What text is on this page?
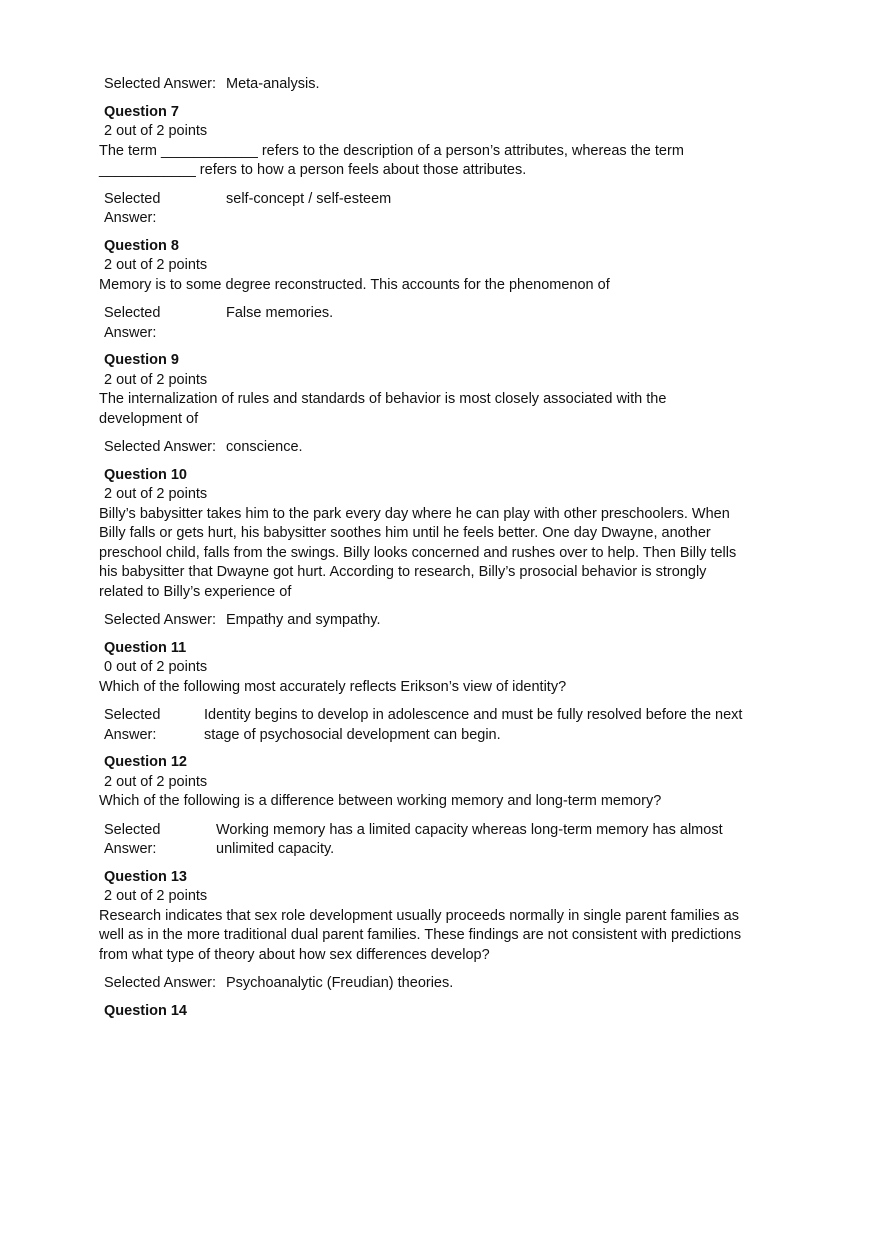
Selected Answer: Meta-analysis.
Question 7
2 out of 2 points
The term ____________ refers to the description of a person’s attributes, whereas the term ____________ refers to how a person feels about those attributes.
Selected
Answer:
self-concept / self-esteem
Question 8
2 out of 2 points
Memory is to some degree reconstructed. This accounts for the phenomenon of
Selected
Answer:
False memories.
Question 9
2 out of 2 points
The internalization of rules and standards of behavior is most closely associated with the development of
Selected Answer: conscience.
Question 10
2 out of 2 points
Billy’s babysitter takes him to the park every day where he can play with other preschoolers. When Billy falls or gets hurt, his babysitter soothes him until he feels better. One day Dwayne, another preschool child, falls from the swings. Billy looks concerned and rushes over to help. Then Billy tells his babysitter that Dwayne got hurt. According to research, Billy’s prosocial behavior is strongly related to Billy’s experience of
Selected Answer: Empathy and sympathy.
Question 11
0 out of 2 points
Which of the following most accurately reflects Erikson’s view of identity?
Selected
Answer:
Identity begins to develop in adolescence and must be fully resolved before the next stage of psychosocial development can begin.
Question 12
2 out of 2 points
Which of the following is a difference between working memory and long-term memory?
Selected
Answer:
Working memory has a limited capacity whereas long-term memory has almost unlimited capacity.
Question 13
2 out of 2 points
Research indicates that sex role development usually proceeds normally in single parent families as well as in the more traditional dual parent families. These findings are not consistent with predictions from what type of theory about how sex differences develop?
Selected Answer: Psychoanalytic (Freudian) theories.
Question 14
